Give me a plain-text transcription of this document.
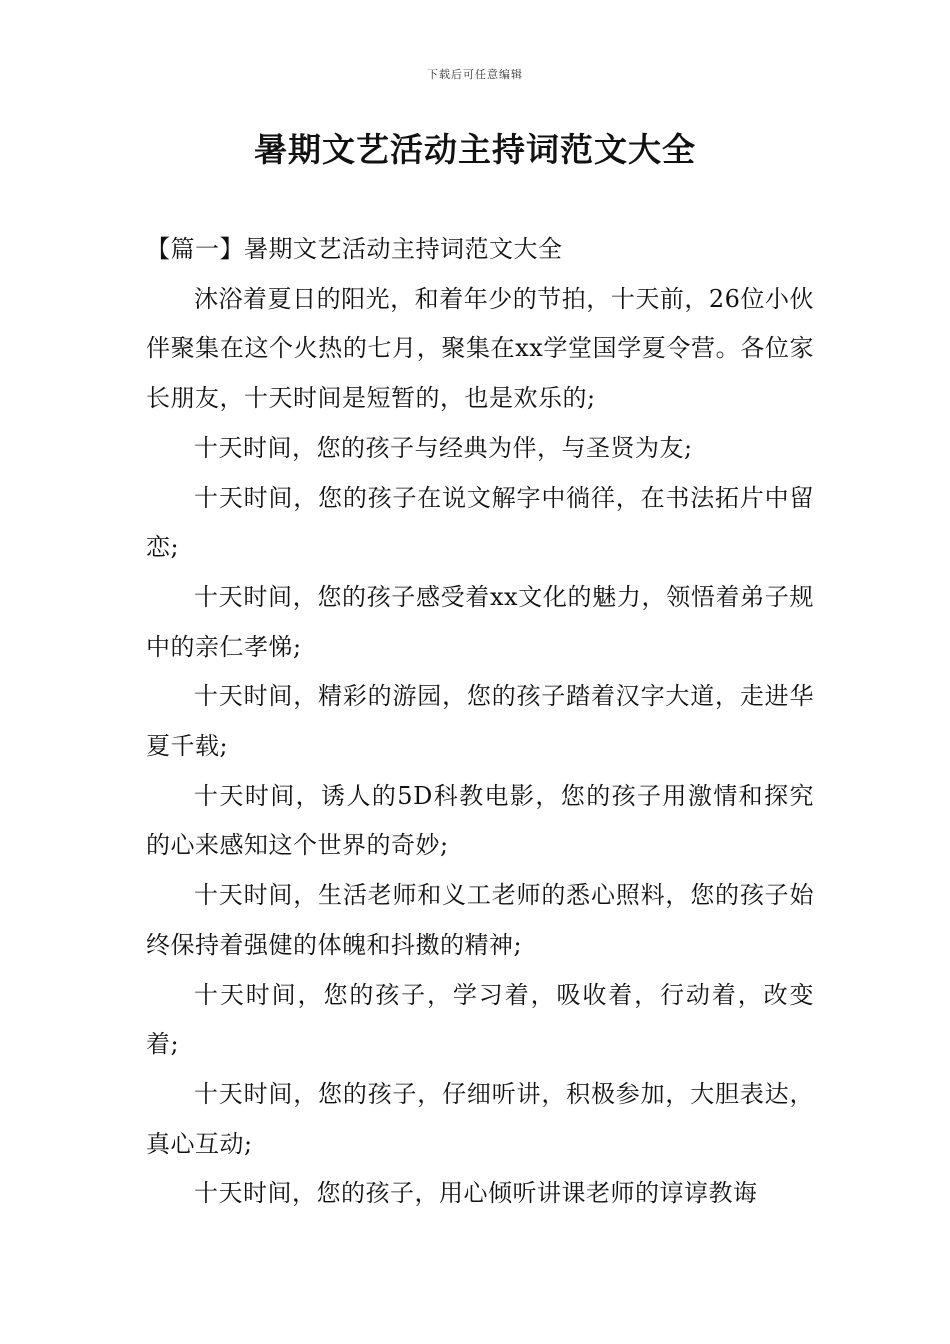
下载后可任意编辑
暑期文艺活动主持词范文大全
【篇一】暑期文艺活动主持词范文大全

沐浴着夏日的阳光，和着年少的节拍，十天前，26位小伙伴聚集在这个火热的七月，聚集在xx学堂国学夏令营。各位家长朋友，十天时间是短暂的，也是欢乐的;

十天时间，您的孩子与经典为伴，与圣贤为友;

十天时间，您的孩子在说文解字中徜徉，在书法拓片中留恋;

十天时间，您的孩子感受着xx文化的魅力，领悟着弟子规中的亲仁孝悌;

十天时间，精彩的游园，您的孩子踏着汉字大道，走进华夏千载;

十天时间，诱人的5D科教电影，您的孩子用激情和探究的心来感知这个世界的奇妙;

十天时间，生活老师和义工老师的悉心照料，您的孩子始终保持着强健的体魄和抖擞的精神;

十天时间，您的孩子，学习着，吸收着，行动着，改变着;

十天时间，您的孩子，仔细听讲，积极参加，大胆表达，真心互动;

十天时间，您的孩子，用心倾听讲课老师的谆谆教诲
